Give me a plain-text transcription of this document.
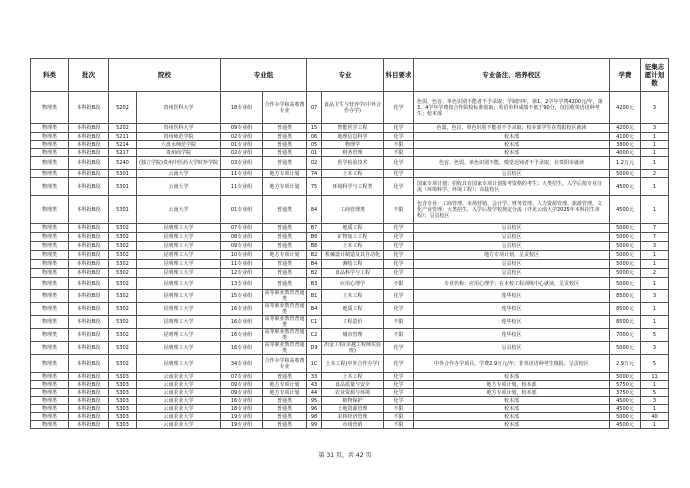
科类	批次	院校		专业组		专业		科目要求	专业备注、培养校区	学费	征集志愿计划数

物理类	本科批B段	5202	贵州医科大学	18专业组	合作办学和高收费专业	07	食品卫生与营养学(中外合作办学)	化学	色弱、色盲、单色识别不能者不予录取；学制四年，第1、2学年学费4200元/年，第3、4学年学费按合作院校标准收取；英语单科成绩不低于90分，仅招收英语语种考生；校本部	4200元	3

物理类	本科批B段	5202	贵州医科大学	09专业组	普通类	15	智能医学工程	化学	色弱、色盲、单色识别不能者不予录取；校本部学生在贵阳校区就读	4200元	3

物理类	本科批B段	5211	贵州师范学院	02专业组	普通类	06	地理信息科学	化学	校本部	4100元	1

物理类	本科批B段	5214	六盘水师范学院	01专业组	普通类	05	物理学	不限	校本部	3800元	1

物理类	本科批B段	5217	贵州商学院	02专业组	普通类	01	财务管理	不限	校本部	4000元	1

物理类	本科批B段	5240	(独立学院)贵州中医药大学时珍学院	03专业组	普通类	02	医学检验技术	化学	色盲、色弱、单色识别不能、嗅觉迟钝者不予录取；在贵阳市就读	1.2万元	1

物理类	本科批B段	5301	云南大学	11专业组	地方专项计划	74	土木工程	化学	呈贡校区	5000元	2

物理类	本科批B段	5301	云南大学	11专业组	地方专项计划	75	环境科学与工程类	化学	国家专项计划：招收具有国家专项计划报考资格的考生；大类招生，入学后按专业分流（环境科学、环境工程）；东陆校区	4500元	1

物理类	本科批B段	5301	云南大学	01专业组	普通类	84	工商管理类	不限	包含专业：工商管理、市场营销、会计学、财务管理、人力资源管理、旅游管理、文化产业管理；大类招生，入学后按学校规定分流（详见云南大学2025年本科招生章程）；呈贡校区	4500元	1

物理类	本科批B段	5302	昆明理工大学	07专业组	普通类	B7	地质工程	化学	呈贡校区	5000元	7

物理类	本科批B段	5302	昆明理工大学	08专业组	普通类	B6	矿物加工工程	化学	呈贡校区	5000元	7

物理类	本科批B段	5302	昆明理工大学	09专业组	普通类	B8	土木工程	化学	呈贡校区	5000元	3

物理类	本科批B段	5302	昆明理工大学	10专业组	地方专项计划	B2	机械设计制造及其自动化	化学	地方专项计划，呈贡校区	5000元	1

物理类	本科批B段	5302	昆明理工大学	11专业组	普通类	B4	测绘工程	化学	呈贡校区	5000元	1

物理类	本科批B段	5302	昆明理工大学	12专业组	普通类	B2	食品科学与工程	化学	呈贡校区	5000元	2

物理类	本科批B段	5302	昆明理工大学	13专业组	普通类	B3	应用心理学	不限	专业名称：应用心理学；在本校工程训练中心就读，呈贡校区	5000元	1

物理类	本科批B段	5302	昆明理工大学	15专业组	高等职业教育普通类	B1	土木工程	化学	莲华校区	8500元	3

物理类	本科批B段	5302	昆明理工大学	16专业组	高等职业教育普通类	B4	地质工程	化学	莲华校区	8500元	1

物理类	本科批B段	5302	昆明理工大学	16专业组	高等职业教育普通类	C1	工程造价	不限	莲华校区	8500元	1

物理类	本科批B段	5302	昆明理工大学	16专业组	高等职业教育普通类	C2	城市管理	不限	莲华校区	7000元	5

物理类	本科批B段	5302	昆明理工大学	16专业组	高等职业教育普通类	D9	冶金工程(卓越工程师实验班)	化学	呈贡校区	5000元	3

物理类	本科批B段	5302	昆明理工大学	34专业组	合作办学和高收费专业	1C	土木工程(中外合作办学)	化学	中外合作办学项目，学费2.9万元/年；非英语语种考生慎报；呈贡校区	2.9万元	5

物理类	本科批B段	5303	云南农业大学	07专业组	普通类	33	土木工程	化学	校本部	5000元	11

物理类	本科批B段	5303	云南农业大学	09专业组	地方专项计划	43	食品质量与安全	化学	地方专项计划，校本部	5750元	1

物理类	本科批B段	5303	云南农业大学	09专业组	地方专项计划	44	农业资源与环境	化学	地方专项计划，校本部	3750元	5

物理类	本科批B段	5303	云南农业大学	16专业组	普通类	95	植物保护	化学	校本部	4500元	3

物理类	本科批B段	5303	云南农业大学	18专业组	普通类	96	土地资源管理	不限	校本部	4500元	1

物理类	本科批B段	5303	云南农业大学	19专业组	普通类	98	农林经济管理	不限	校本部	5000元	40

物理类	本科批B段	5303	云南农业大学	19专业组	普通类	99	市场营销	不限	校本部	4500元	1
第 31 页，共 42 页
